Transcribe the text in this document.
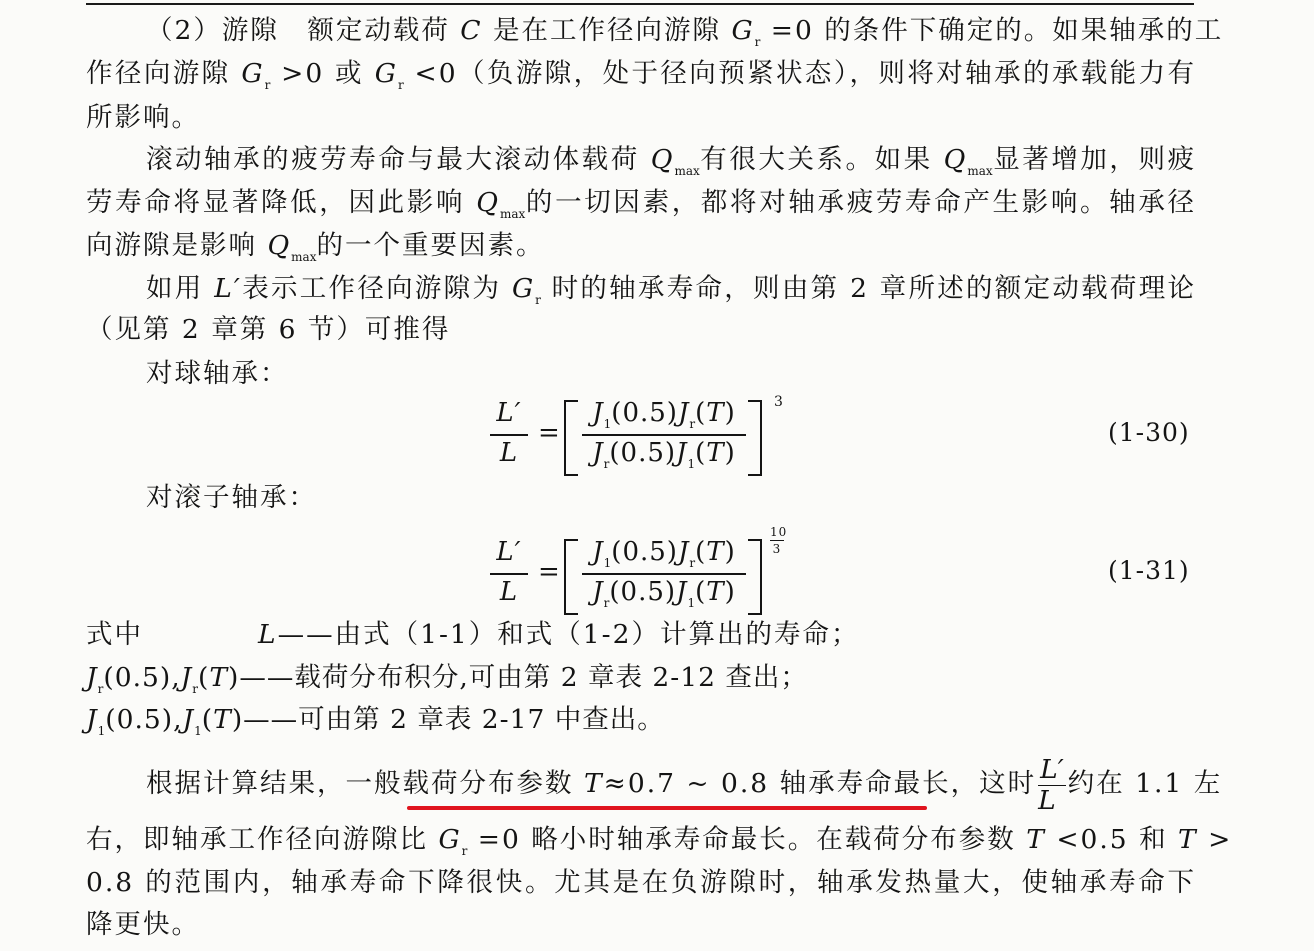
（2）游隙　额定动载荷 C 是在工作径向游隙 $G_r =0$ 的条件下确定的。如果轴承的工
作径向游隙 $G_r >0$ 或 $G_r <0$（负游隙，处于径向预紧状态），则将对轴承的承载能力有
所影响。
滚动轴承的疲劳寿命与最大滚动体载荷 $Q_{max}$有很大关系。如果 $Q_{max}$显著增加，则疲
劳寿命将显著降低，因此影响 $Q_{max}$的一切因素，都将对轴承疲劳寿命产生影响。轴承径
向游隙是影响 $Q_{max}$的一个重要因素。
如用 L′表示工作径向游隙为 $G_r$ 时的轴承寿命，则由第 2 章所述的额定动载荷理论
（见第 2 章第 6 节）可推得
对球轴承：
L′
L
=
$J_1(0.5)J_r(T)$
$J_r(0.5)J_1(T)$
3
(1-30)
对滚子轴承：
L′
L
=
$J_1(0.5)J_r(T)$
$J_r(0.5)J_1(T)$
10
3
(1-31)
式中	L——由式（1-1）和式（1-2）计算出的寿命；
$J_r(0.5),J_r(T)——$载荷分布积分,可由第 2 章表 2-12 查出；
$J_1(0.5),J_1(T)——$可由第 2 章表 2-17 中查出。
根据计算结果，一般载荷分布参数 T≈0.7 ~ 0.8 轴承寿命最长，这时 $\frac{L'}{L}$ 约在 1.1 左
右，即轴承工作径向游隙比 $G_r =0$ 略小时轴承寿命最长。在载荷分布参数 T <0.5 和 T >
0.8 的范围内，轴承寿命下降很快。尤其是在负游隙时，轴承发热量大，使轴承寿命下
降更快。
